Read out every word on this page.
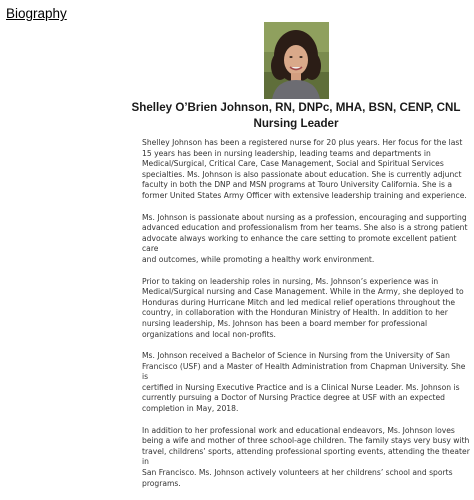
Biography
Shelley O’Brien Johnson, RN, DNPc, MHA, BSN, CENP, CNL
Nursing Leader

Shelley Johnson has been a registered nurse for 20 plus years. Her focus for the last
15 years has been in nursing leadership, leading teams and departments in
Medical/Surgical, Critical Care, Case Management, Social and Spiritual Services
specialties. Ms. Johnson is also passionate about education. She is currently adjunct
faculty in both the DNP and MSN programs at Touro University California. She is a
former United States Army Officer with extensive leadership training and experience.

Ms. Johnson is passionate about nursing as a profession, encouraging and supporting
advanced education and professionalism from her teams. She also is a strong patient
advocate always working to enhance the care setting to promote excellent patient care
and outcomes, while promoting a healthy work environment.

Prior to taking on leadership roles in nursing, Ms. Johnson’s experience was in
Medical/Surgical nursing and Case Management. While in the Army, she deployed to
Honduras during Hurricane Mitch and led medical relief operations throughout the
country, in collaboration with the Honduran Ministry of Health. In addition to her
nursing leadership, Ms. Johnson has been a board member for professional
organizations and local non-profits.

Ms. Johnson received a Bachelor of Science in Nursing from the University of San
Francisco (USF) and a Master of Health Administration from Chapman University. She is
certified in Nursing Executive Practice and is a Clinical Nurse Leader. Ms. Johnson is
currently pursuing a Doctor of Nursing Practice degree at USF with an expected
completion in May, 2018.

In addition to her professional work and educational endeavors, Ms. Johnson loves
being a wife and mother of three school-age children. The family stays very busy with
travel, childrens’ sports, attending professional sporting events, attending the theater in
San Francisco. Ms. Johnson actively volunteers at her childrens’ school and sports
programs.
